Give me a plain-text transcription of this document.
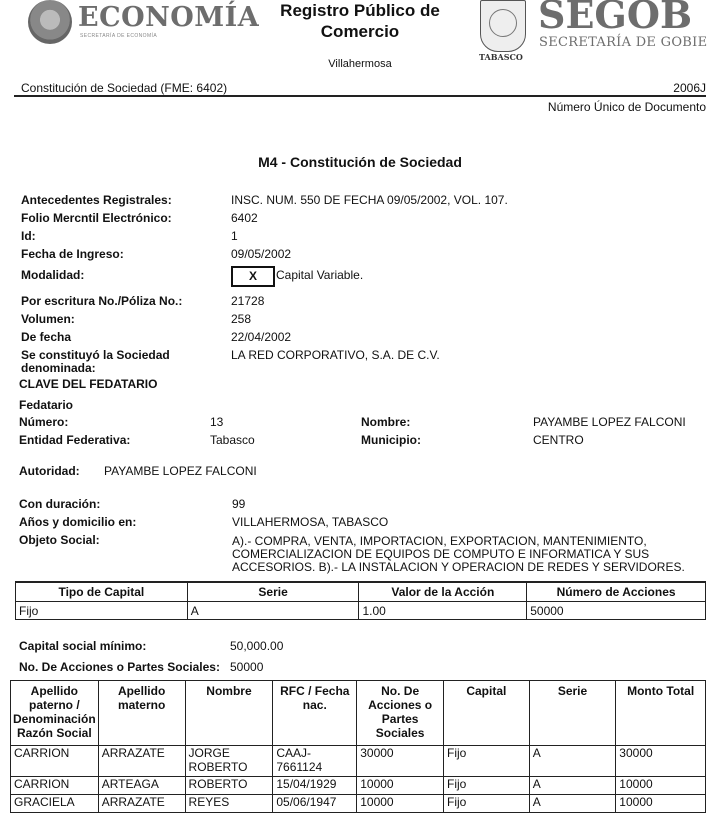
ECONOMÍA
SECRETARÍA DE ECONOMÍA
Registro Público de Comercio
Villahermosa
TABASCO
SEGOB
SECRETARÍA DE GOBIE
Constitución de Sociedad (FME: 6402)	2006J
Número Único de Documento
M4 - Constitución de Sociedad
Antecedentes Registrales:	INSC. NUM. 550 DE FECHA 09/05/2002, VOL. 107.
Folio Mercntil Electrónico:	6402
Id:	1
Fecha de Ingreso:	09/05/2002
Modalidad:	X	Capital Variable.
Por escritura No./Póliza No.:	21728
Volumen:	258
De fecha	22/04/2002
Se constituyó la Sociedad
denominada:
LA RED CORPORATIVO, S.A. DE C.V.
CLAVE DEL FEDATARIO
Fedatario
Número:	13	Nombre:	PAYAMBE LOPEZ FALCONI
Entidad Federativa:	Tabasco	Municipio:	CENTRO
Autoridad: PAYAMBE LOPEZ FALCONI
Con duración:	99
Años y domicilio en:	VILLAHERMOSA, TABASCO
Objeto Social:	A).- COMPRA, VENTA, IMPORTACION, EXPORTACION, MANTENIMIENTO, COMERCIALIZACION DE EQUIPOS DE COMPUTO E INFORMATICA Y SUS ACCESORIOS. B).- LA INSTALACION Y OPERACION DE REDES Y SERVIDORES.
Tipo de Capital	Serie	Valor de la Acción	Número de Acciones
Fijo	A	1.00	50000
Capital social mínimo:	50,000.00
No. De Acciones o Partes Sociales: 50000
Apellido paterno / Denominación Razón Social	Apellido materno	Nombre	RFC / Fecha nac.	No. De Acciones o Partes Sociales	Capital	Serie	Monto Total
CARRION	ARRAZATE	JORGE ROBERTO	CAAJ-7661124	30000	Fijo	A	30000
CARRION	ARTEAGA	ROBERTO	15/04/1929	10000	Fijo	A	10000
GRACIELA	ARRAZATE	REYES	05/06/1947	10000	Fijo	A	10000
